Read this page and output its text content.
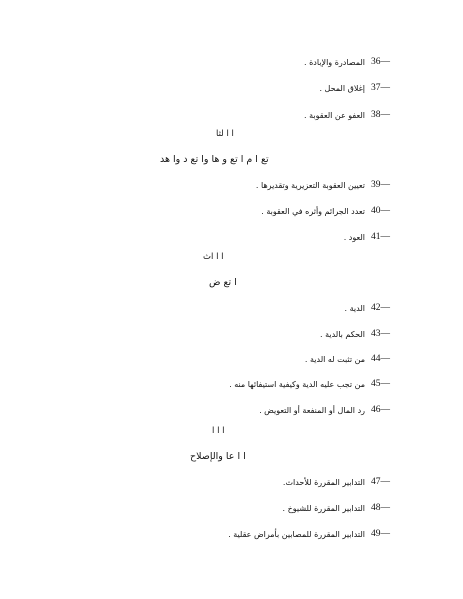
36—
المصادرة والإبادة .
37—
إغلاق المحل .
38—
العفو عن العقوبة .
ا ا لثا
تع ا م ا تع و ها وا تع د وا هد
39—
تعيين العقوبة التعزيرية وتقديرها .
40—
تعدد الجرائم وأثره في العقوبة .
41—
العود .
ا ا اث
ا تع ض
42—
الدية .
43—
الحكم بالدية .
44—
من تثبت له الدية .
45—
من تجب عليه الدية وكيفية استيفائها منه .
46—
رد المال أو المنفعة أو التعويض .
ا ا ا
ا ا عا والإصلاح
47—
التدابير المقررة للأحداث.
48—
التدابير المقررة للشيوخ .
49—
التدابير المقررة للمصابين بأمراض عقلية .
